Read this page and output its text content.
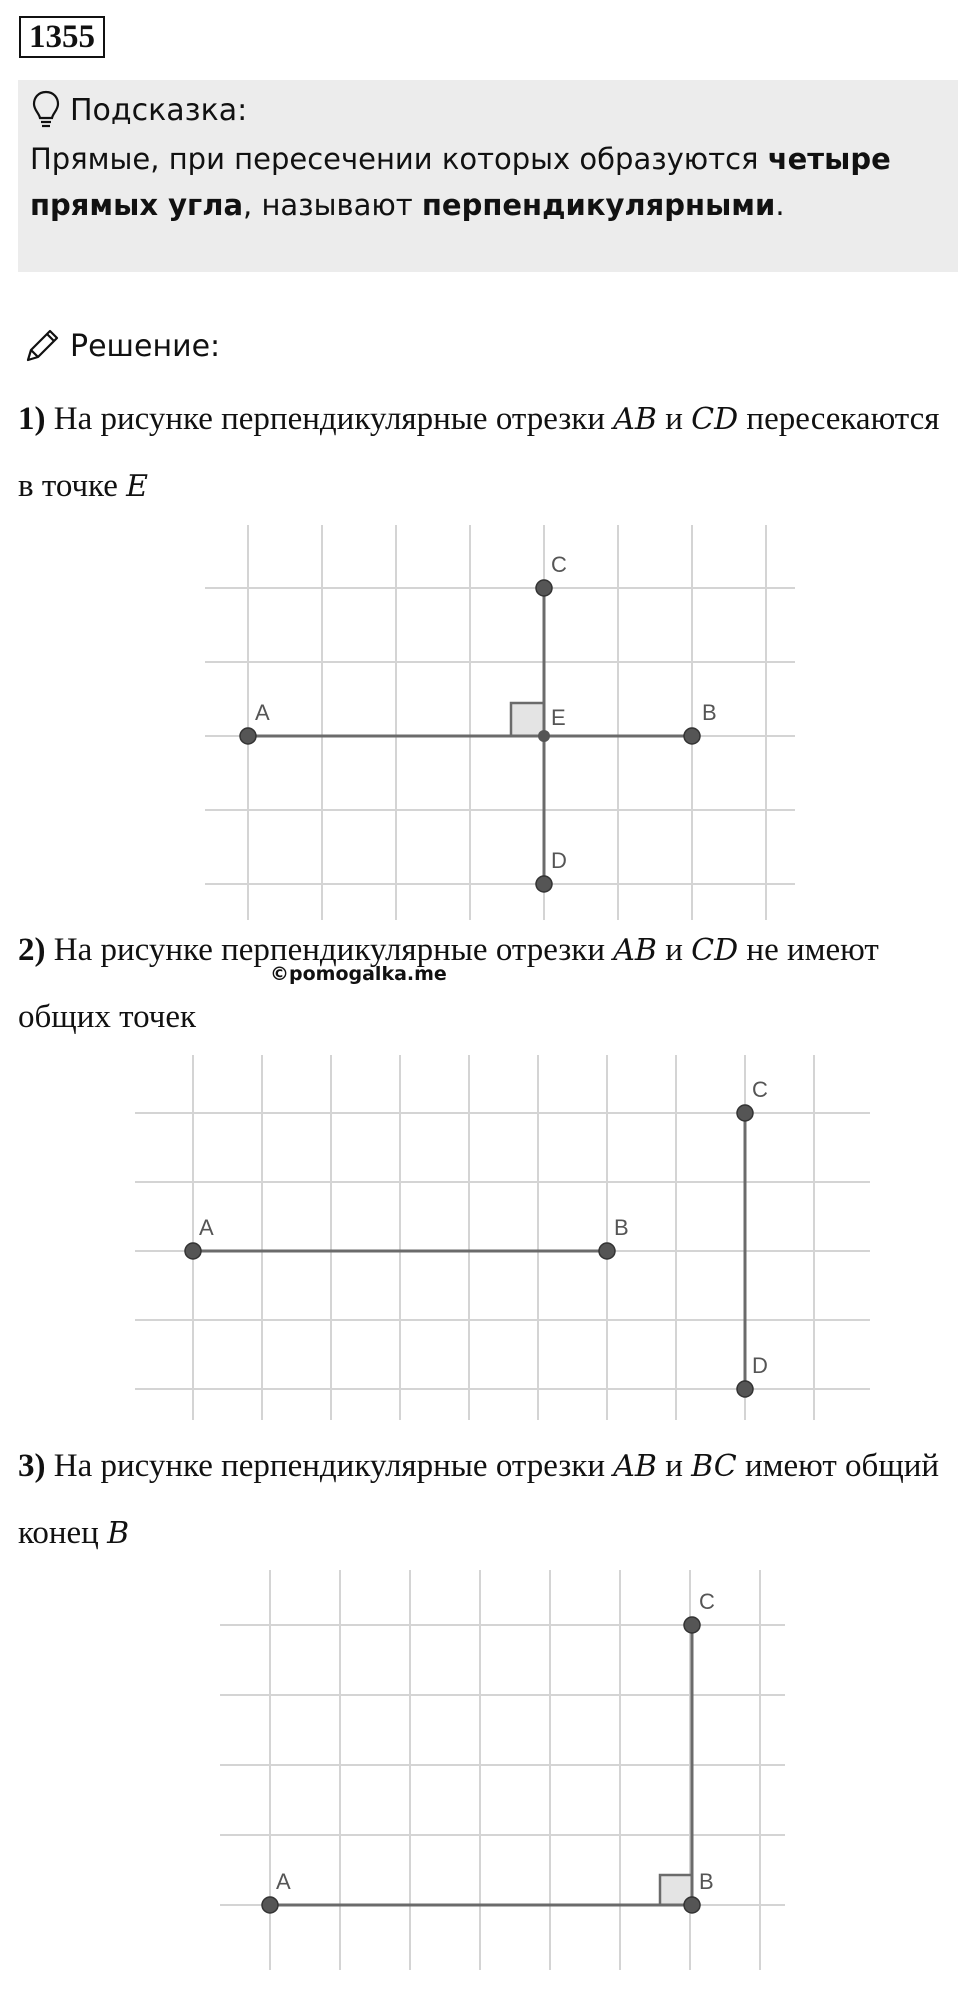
1355
Подсказка:
Прямые, при пересечении которых образуются четыре прямых угла, называют перпендикулярными.
Решение:
1) На рисунке перпендикулярные отрезки AB и CD пересекаются в точке E
A	B
C
D
E
2) На рисунке перпендикулярные отрезки AB и CD не имеют общих точек
©pomogalka.me
A	B
C
D
3) На рисунке перпендикулярные отрезки AB и BC имеют общий конец B
A	B
C
